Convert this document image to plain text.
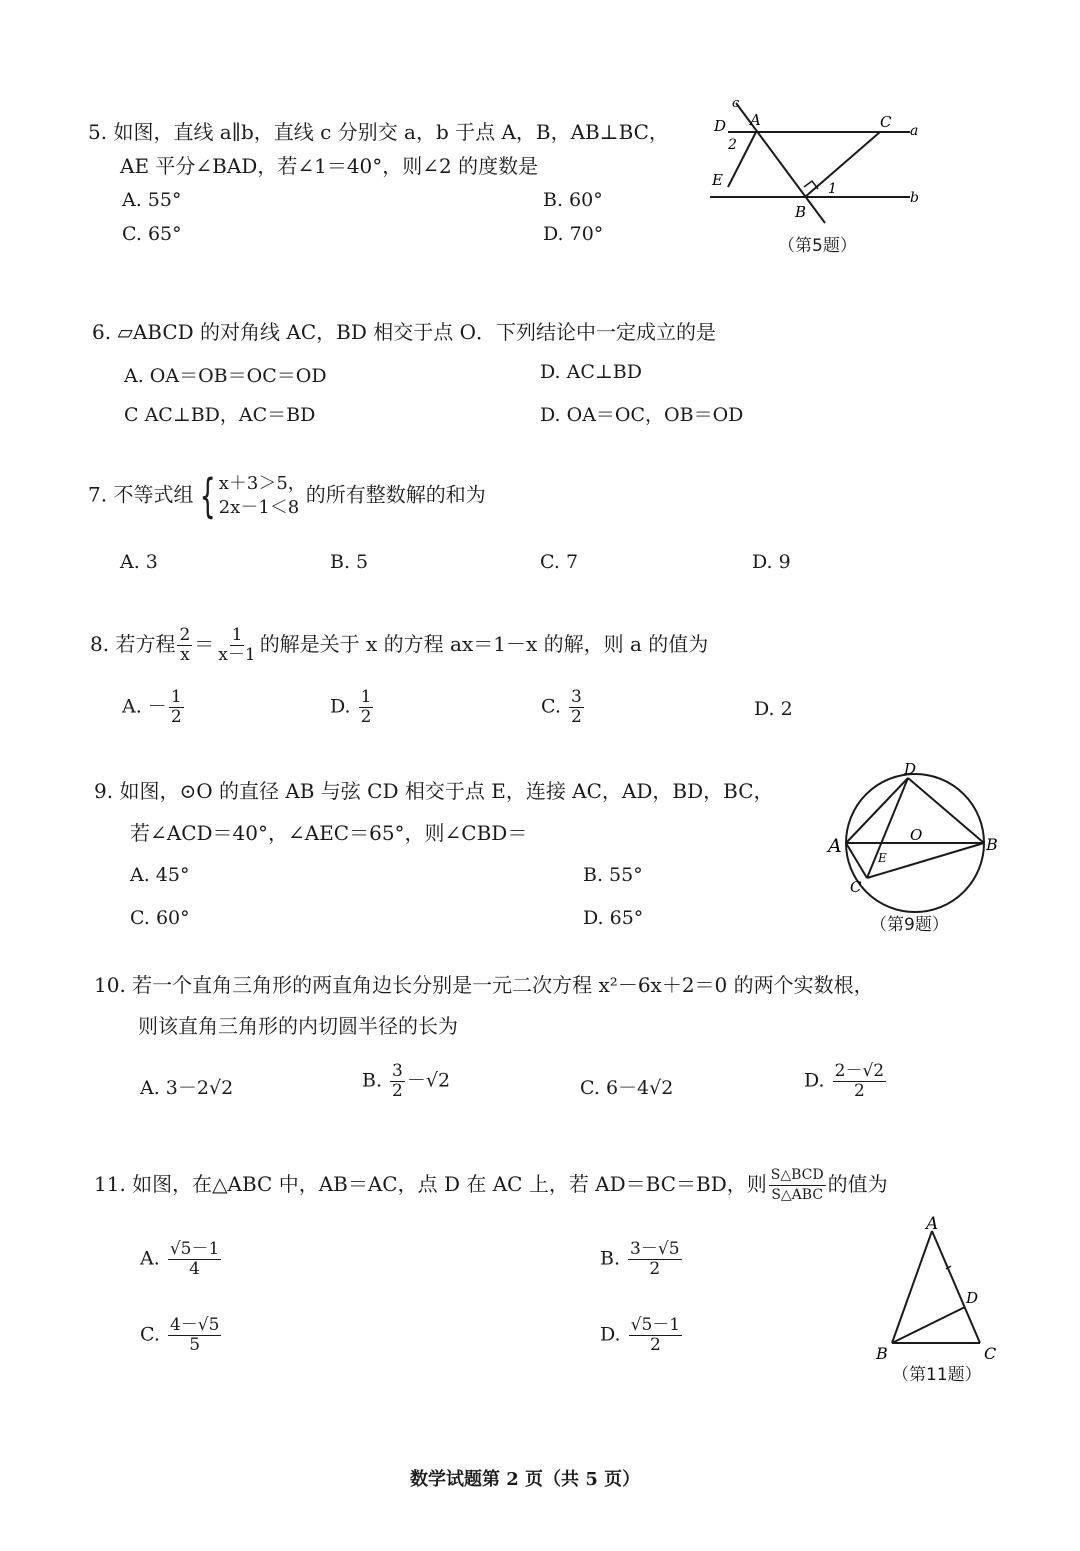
5. 如图，直线 a∥b，直线 c 分别交 a，b 于点 A，B，AB⊥BC，
AE 平分∠BAD，若∠1＝40°，则∠2 的度数是
A. 55°	B. 60°
C. 65°	D. 70°
c
D A	C a
2
E	1
B
b
（第5题）
6. ▱ABCD 的对角线 AC，BD 相交于点 O．下列结论中一定成立的是
A. OA＝OB＝OC＝OD	D. AC⊥BD
C AC⊥BD，AC＝BD	D. OA＝OC，OB＝OD
7. 不等式组 { x＋3＞5，
2x－1＜8
的所有整数解的和为
A. 3	B. 5	C. 7	D. 9
8. 若方程 $\frac{2}{x} = \frac{1}{x-1}$ 的解是关于 x 的方程 ax＝1－x 的解，则 a 的值为
A. － $\frac{1}{2}$	D. $\frac{1}{2}$	C. $\frac{3}{2}$	D. 2
9. 如图，⊙O 的直径 AB 与弦 CD 相交于点 E，连接 AC，AD，BD，BC，
若∠ACD＝40°，∠AEC＝65°，则∠CBD＝
A. 45°	B. 55°
C. 60°	D. 65°
D
O
A	B
C
E
（第9题）
10. 若一个直角三角形的两直角边长分别是一元二次方程 x²－6x＋2＝0 的两个实数根，
则该直角三角形的内切圆半径的长为
A. 3－2√2	B. $\frac{3}{2} -√2$	C. 6－4√2	D. $\frac{2-√2}{2}$
11. 如图，在△ABC 中，AB＝AC，点 D 在 AC 上，若 AD＝BC＝BD，则 $\frac{\text{S△BCD}}{\text{S△ABC}}$ 的值为
A. $\frac{√5-1}{4}$	B. $\frac{3-√5}{2}$
C. $\frac{4-√5}{5}$	D. $\frac{√5-1}{2}$
A
D
B	C
（第11题）
数学试题第 2 页（共 5 页）
